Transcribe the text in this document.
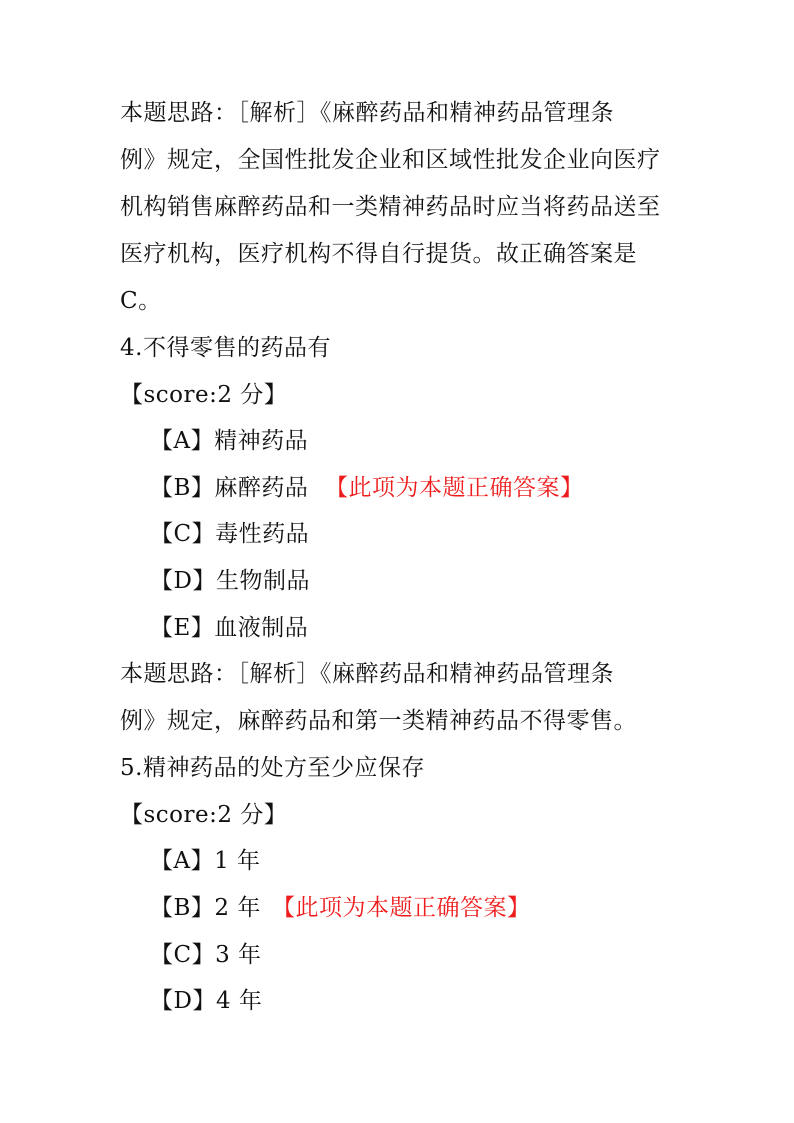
本题思路：［解析］《麻醉药品和精神药品管理条
例》规定，全国性批发企业和区域性批发企业向医疗
机构销售麻醉药品和一类精神药品时应当将药品送至
医疗机构，医疗机构不得自行提货。故正确答案是
C。
4.不得零售的药品有
【score:2 分】
【A】精神药品
【B】麻醉药品 【此项为本题正确答案】
【C】毒性药品
【D】生物制品
【E】血液制品
本题思路：［解析］《麻醉药品和精神药品管理条
例》规定，麻醉药品和第一类精神药品不得零售。
5.精神药品的处方至少应保存
【score:2 分】
【A】1 年
【B】2 年 【此项为本题正确答案】
【C】3 年
【D】4 年
